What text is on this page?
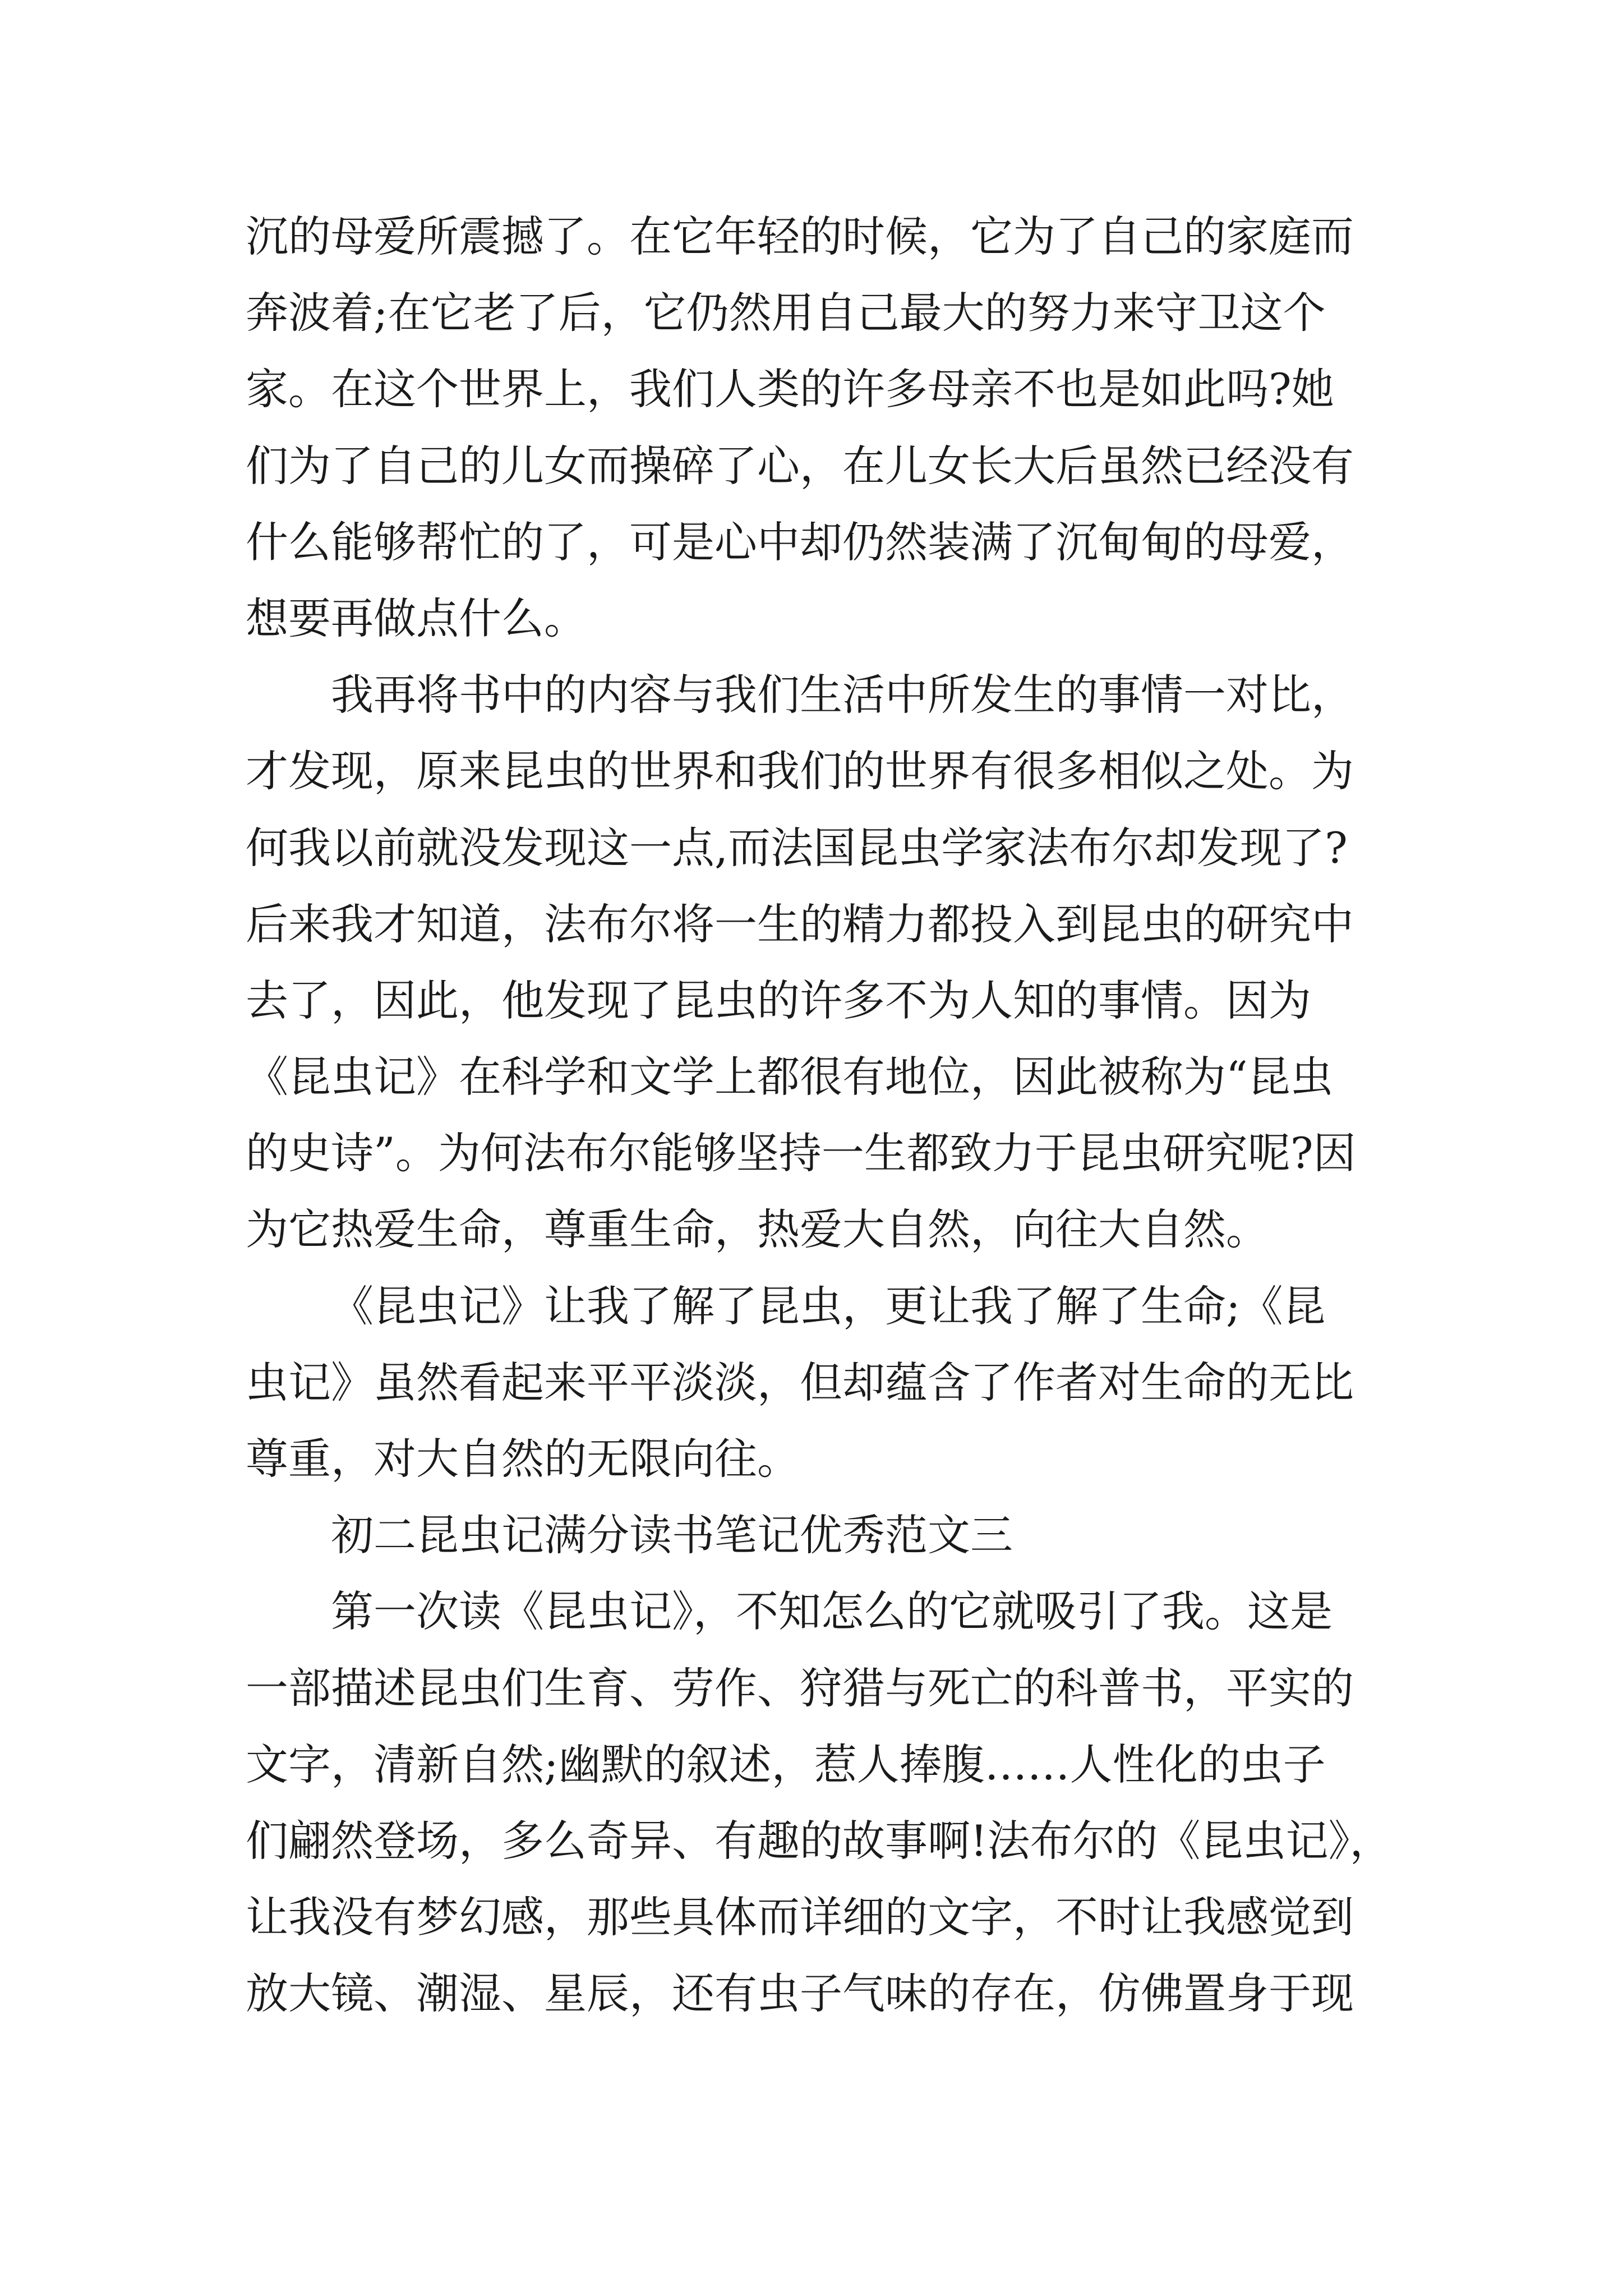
沉的母爱所震撼了。在它年轻的时候，它为了自己的家庭而
奔波着;在它老了后，它仍然用自己最大的努力来守卫这个
家。在这个世界上，我们人类的许多母亲不也是如此吗?她
们为了自己的儿女而操碎了心，在儿女长大后虽然已经没有
什么能够帮忙的了，可是心中却仍然装满了沉甸甸的母爱，
想要再做点什么。
我再将书中的内容与我们生活中所发生的事情一对比，
才发现，原来昆虫的世界和我们的世界有很多相似之处。为
何我以前就没发现这一点,而法国昆虫学家法布尔却发现了?
后来我才知道，法布尔将一生的精力都投入到昆虫的研究中
去了，因此，他发现了昆虫的许多不为人知的事情。因为
《昆虫记》在科学和文学上都很有地位，因此被称为“昆虫
的史诗”。为何法布尔能够坚持一生都致力于昆虫研究呢?因
为它热爱生命，尊重生命，热爱大自然，向往大自然。
《昆虫记》让我了解了昆虫，更让我了解了生命;《昆
虫记》虽然看起来平平淡淡，但却蕴含了作者对生命的无比
尊重，对大自然的无限向往。
初二昆虫记满分读书笔记优秀范文三
第一次读《昆虫记》，不知怎么的它就吸引了我。这是
一部描述昆虫们生育、劳作、狩猎与死亡的科普书，平实的
文字，清新自然;幽默的叙述，惹人捧腹……人性化的虫子
们翩然登场，多么奇异、有趣的故事啊!法布尔的《昆虫记》，
让我没有梦幻感，那些具体而详细的文字，不时让我感觉到
放大镜、潮湿、星辰，还有虫子气味的存在，仿佛置身于现
